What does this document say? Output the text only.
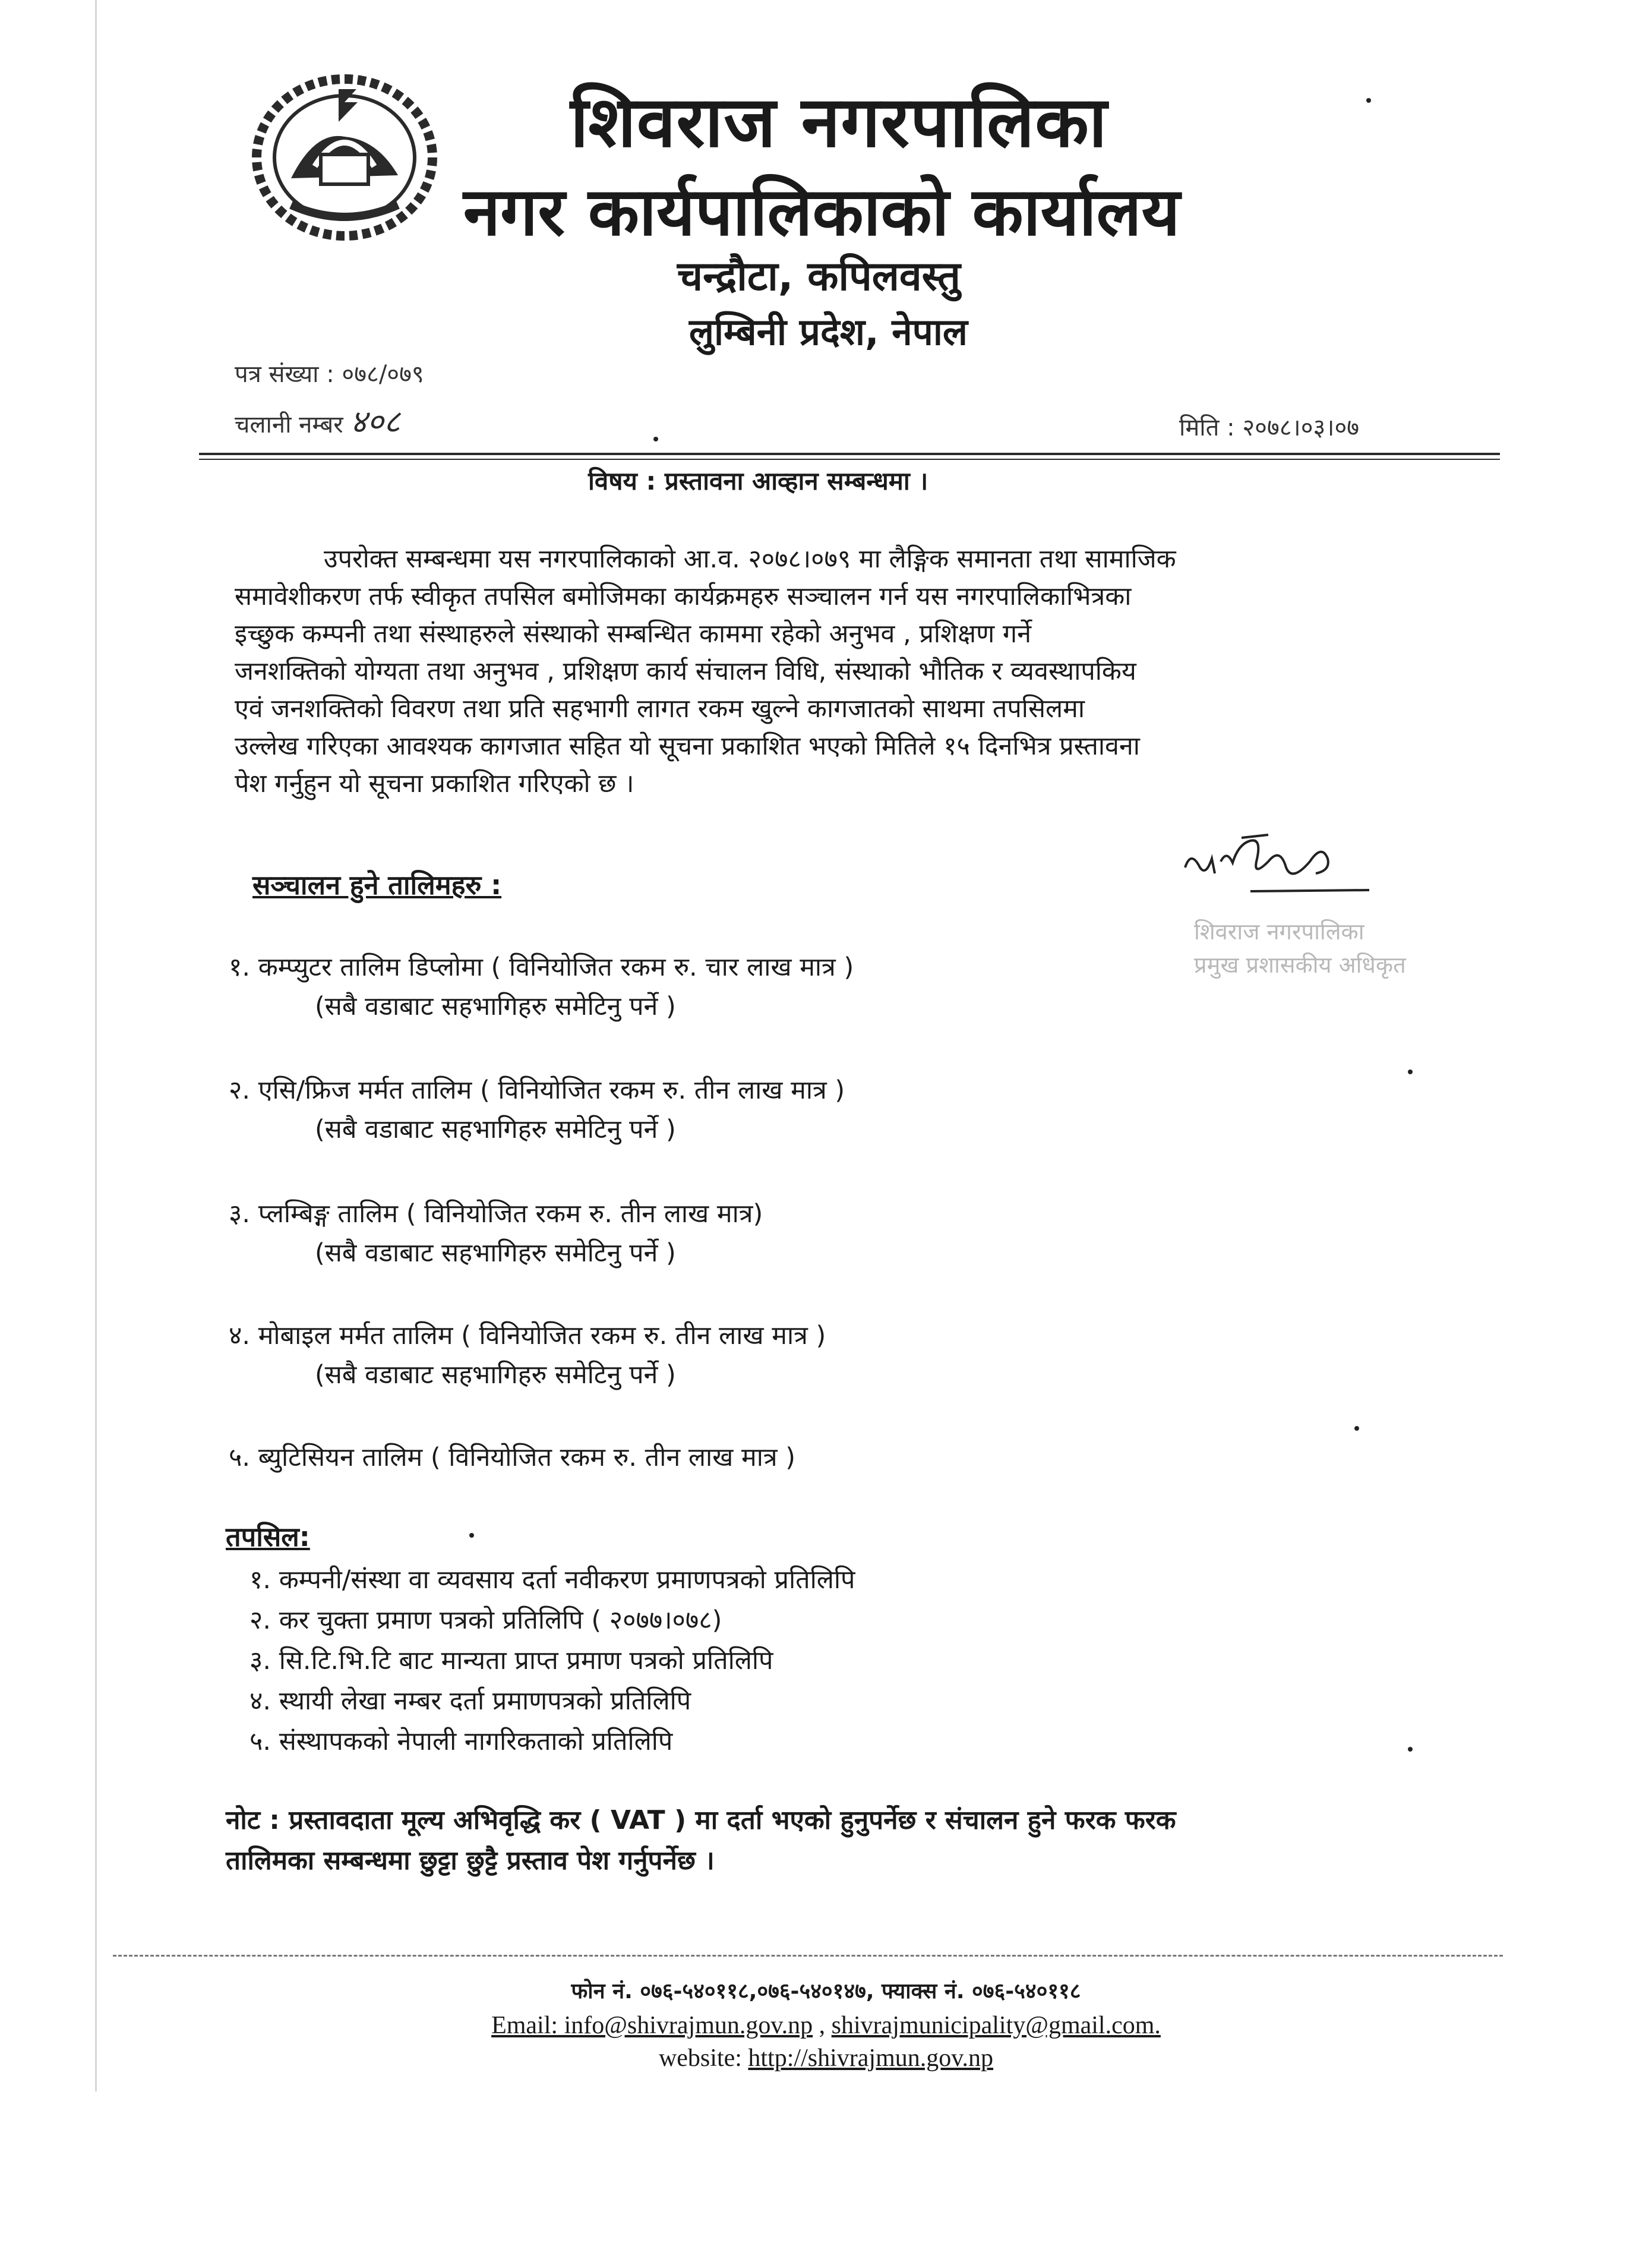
शिवराज नगरपालिका
नगर कार्यपालिकाको कार्यालय
चन्द्रौटा, कपिलवस्तु
लुम्बिनी प्रदेश, नेपाल
पत्र संख्या : ०७८/०७९
चलानी नम्बर ४०८	मिति : २०७८।०३।०७
विषय : प्रस्तावना आव्हान सम्बन्धमा ।
उपरोक्त सम्बन्धमा यस नगरपालिकाको आ.व. २०७८।०७९ मा लैङ्गिक समानता तथा सामाजिक
समावेशीकरण तर्फ स्वीकृत तपसिल बमोजिमका कार्यक्रमहरु सञ्चालन गर्न यस नगरपालिकाभित्रका
इच्छुक कम्पनी तथा संस्थाहरुले संस्थाको सम्बन्धित काममा रहेको अनुभव , प्रशिक्षण गर्ने
जनशक्तिको योग्यता तथा अनुभव , प्रशिक्षण कार्य संचालन विधि, संस्थाको भौतिक र व्यवस्थापकिय
एवं जनशक्तिको विवरण तथा प्रति सहभागी लागत रकम खुल्ने कागजातको साथमा तपसिलमा
उल्लेख गरिएका आवश्यक कागजात सहित यो सूचना प्रकाशित भएको मितिले १५ दिनभित्र प्रस्तावना
पेश गर्नुहुन यो सूचना प्रकाशित गरिएको छ ।
शिवराज नगरपालिका
प्रमुख प्रशासकीय अधिकृत
सञ्चालन हुने तालिमहरु :
१. कम्प्युटर तालिम डिप्लोमा ( विनियोजित रकम रु. चार लाख मात्र )
(सबै वडाबाट सहभागिहरु समेटिनु पर्ने )
२. एसि/फ्रिज मर्मत तालिम ( विनियोजित रकम रु. तीन लाख मात्र )
(सबै वडाबाट सहभागिहरु समेटिनु पर्ने )
३. प्लम्बिङ्ग तालिम ( विनियोजित रकम रु. तीन लाख मात्र)
(सबै वडाबाट सहभागिहरु समेटिनु पर्ने )
४. मोबाइल मर्मत तालिम ( विनियोजित रकम रु. तीन लाख मात्र )
(सबै वडाबाट सहभागिहरु समेटिनु पर्ने )
५. ब्युटिसियन तालिम ( विनियोजित रकम रु. तीन लाख मात्र )
तपसिल:
१. कम्पनी/संस्था वा व्यवसाय दर्ता नवीकरण प्रमाणपत्रको प्रतिलिपि
२. कर चुक्ता प्रमाण पत्रको प्रतिलिपि ( २०७७।०७८)
३. सि.टि.भि.टि बाट मान्यता प्राप्त प्रमाण पत्रको प्रतिलिपि
४. स्थायी लेखा नम्बर दर्ता प्रमाणपत्रको प्रतिलिपि
५. संस्थापकको नेपाली नागरिकताको प्रतिलिपि
नोट : प्रस्तावदाता मूल्य अभिवृद्धि कर ( VAT ) मा दर्ता भएको हुनुपर्नेछ र संचालन हुने फरक फरक
तालिमका सम्बन्धमा छुट्टा छुट्टै प्रस्ताव पेश गर्नुपर्नेछ ।
फोन नं. ०७६-५४०११८,०७६-५४०१४७, फ्याक्स नं. ०७६-५४०११८
Email: info@shivrajmun.gov.np , shivrajmunicipality@gmail.com.
website: http://shivrajmun.gov.np
